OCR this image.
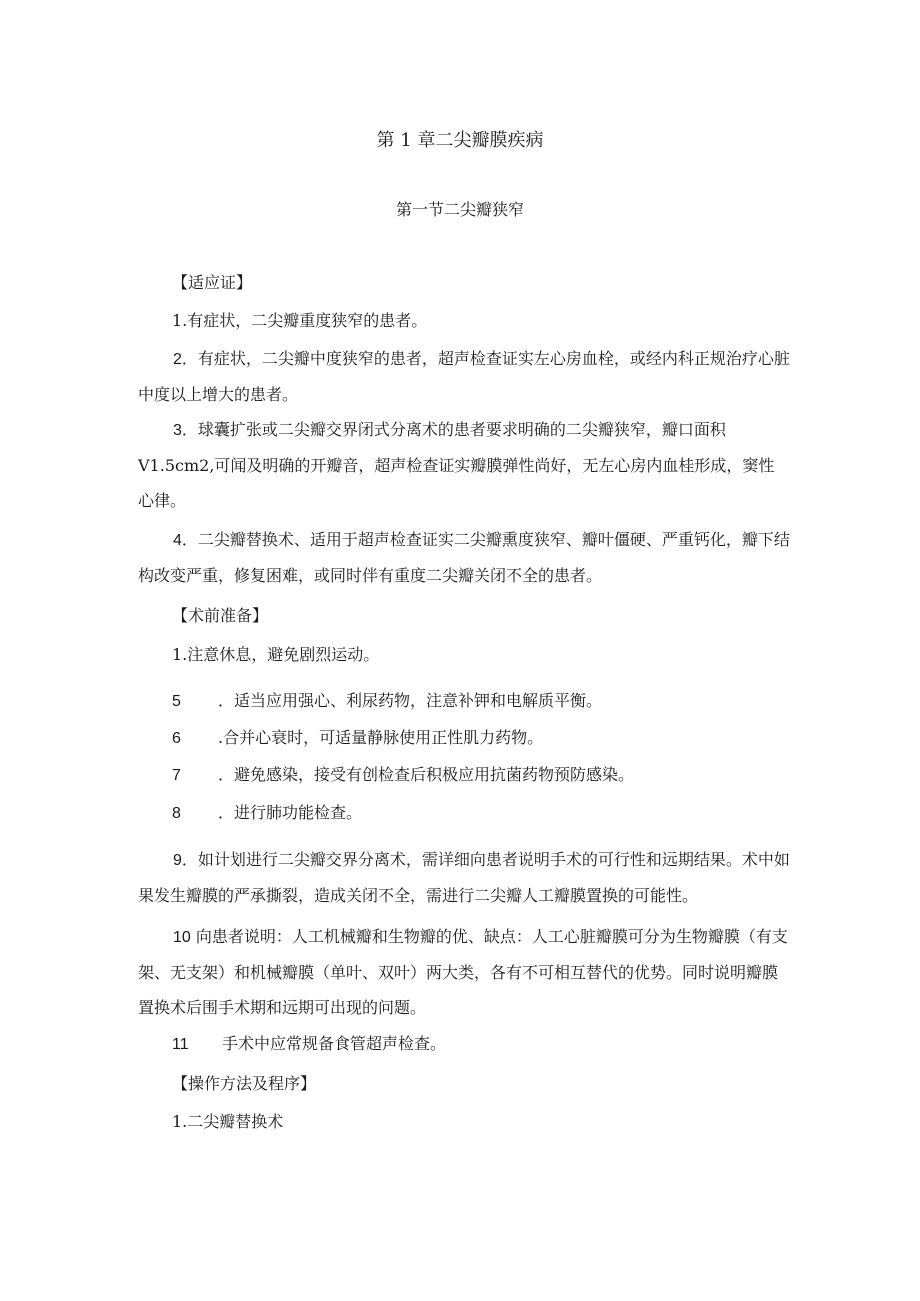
第 1 章二尖瓣膜疾病
第一节二尖瓣狭窄
【适应证】
1.有症状，二尖瓣重度狭窄的患者。
2．有症状，二尖瓣中度狭窄的患者，超声检查证实左心房血栓，或经内科正规治疗心脏中度以上增大的患者。
3．球囊扩张或二尖瓣交界闭式分离术的患者要求明确的二尖瓣狭窄，瓣口面积V1.5cm2,可闻及明确的开瓣音，超声检查证实瓣膜弹性尚好，无左心房内血桂形成，窦性心律。
4．二尖瓣替换术、适用于超声检查证实二尖瓣熏度狭窄、瓣叶僵硬、严重钙化，瓣下结构改变严重，修复困难，或同时伴有重度二尖瓣关闭不全的患者。
【术前准备】
1.注意休息，避免剧烈运动。
5 ．适当应用强心、利尿药物，注意补钾和电解质平衡。
6 .合并心衰时，可适量静脉使用正性肌力药物。
7 ．避免感染，接受有创检查后积极应用抗菌药物预防感染。
8 ．进行肺功能检查。
9．如计划进行二尖瓣交界分离术，需详细向患者说明手术的可行性和远期结果。术中如果发生瓣膜的严承撕裂，造成关闭不全，需进行二尖瓣人工瓣膜置换的可能性。
10 向患者说明：人工机械瓣和生物瓣的优、缺点：人工心脏瓣膜可分为生物瓣膜（有支架、无支架）和机械瓣膜（单叶、双叶）两大类，各有不可相互替代的优势。同时说明瓣膜置换术后围手术期和远期可出现的问题。
11 手术中应常规备食管超声检查。
【操作方法及程序】
1.二尖瓣替换术
